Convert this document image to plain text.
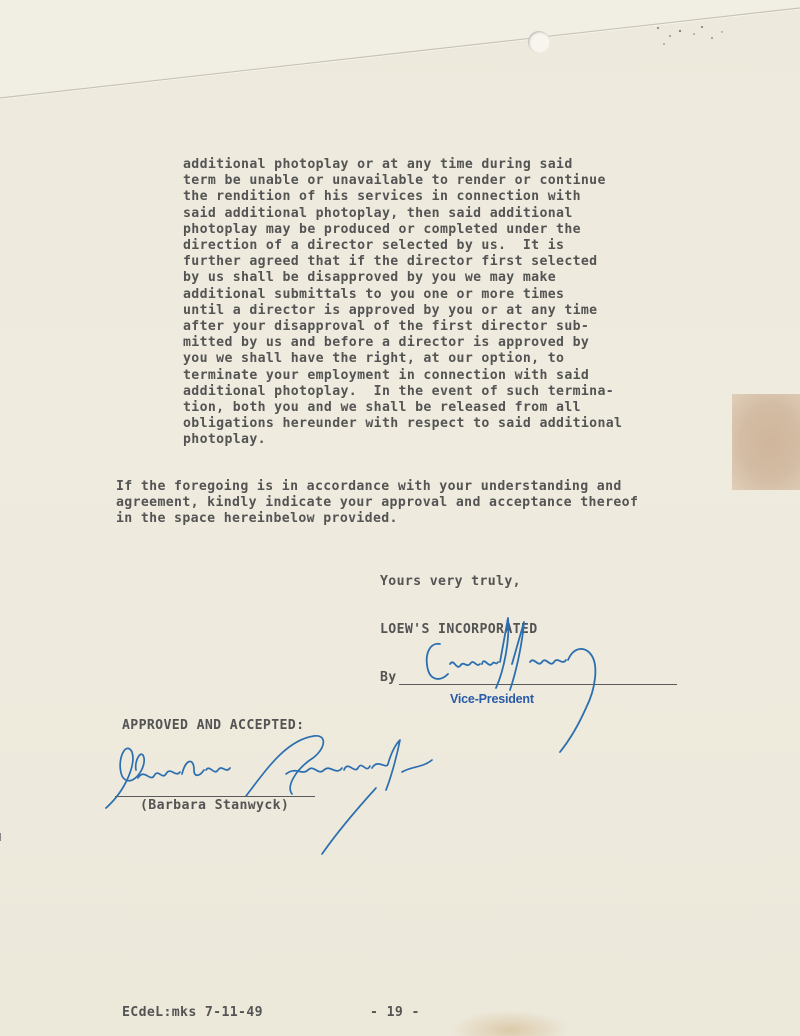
additional photoplay or at any time during said
term be unable or unavailable to render or continue
the rendition of his services in connection with
said additional photoplay, then said additional
photoplay may be produced or completed under the
direction of a director selected by us.  It is
further agreed that if the director first selected
by us shall be disapproved by you we may make
additional submittals to you one or more times
until a director is approved by you or at any time
after your disapproval of the first director sub-
mitted by us and before a director is approved by
you we shall have the right, at our option, to
terminate your employment in connection with said
additional photoplay.  In the event of such termina-
tion, both you and we shall be released from all
obligations hereunder with respect to said additional
photoplay.
If the foregoing is in accordance with your understanding and
agreement, kindly indicate your approval and acceptance thereof
in the space hereinbelow provided.
Yours very truly,
LOEW'S INCORPORATED
By
Vice-President
APPROVED AND ACCEPTED:
(Barbara Stanwyck)
ECdeL:mks 7-11-49	- 19 -
